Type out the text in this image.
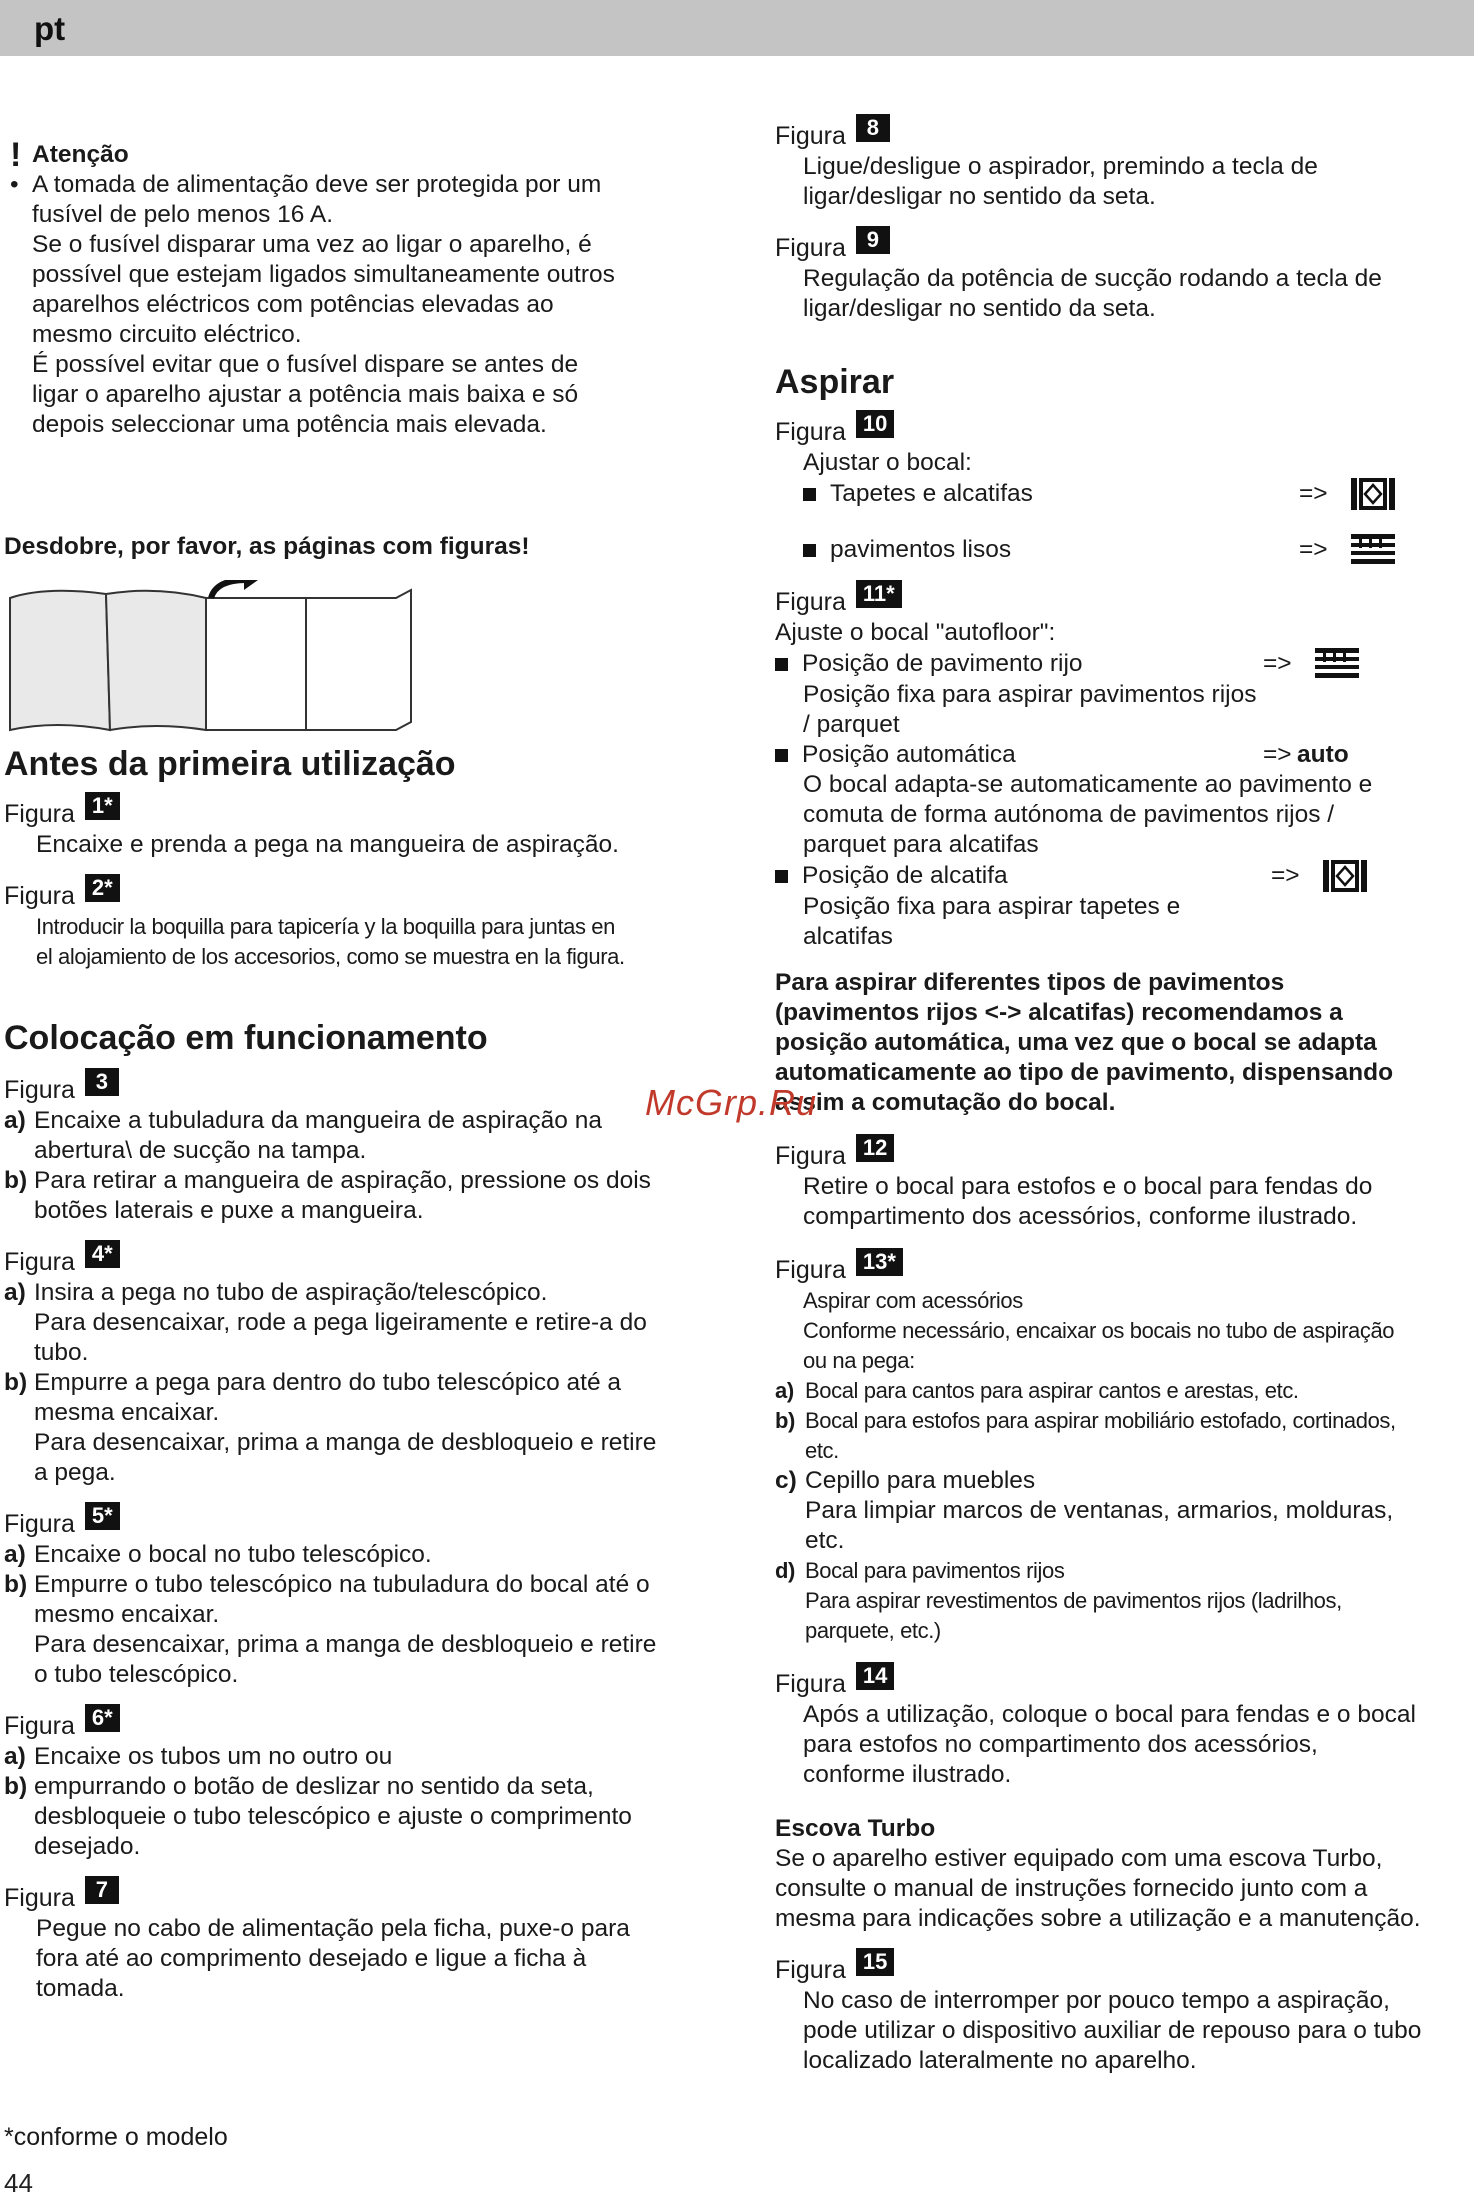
pt
! Atenção
• A tomada de alimentação deve ser protegida por um
fusível de pelo menos 16 A.
Se o fusível disparar uma vez ao ligar o aparelho, é
possível que estejam ligados simultaneamente outros
aparelhos eléctricos com potências elevadas ao
mesmo circuito eléctrico.
É possível evitar que o fusível dispare se antes de
ligar o aparelho ajustar a potência mais baixa e só
depois seleccionar uma potência mais elevada.
Desdobre, por favor, as páginas com figuras!
Antes da primeira utilização
Figura 1*
Encaixe e prenda a pega na mangueira de aspiração.
Figura 2*
Introducir la boquilla para tapicería y la boquilla para juntas en
el alojamiento de los accesorios, como se muestra en la figura.
Colocação em funcionamento
Figura 3
a) Encaixe a tubuladura da mangueira de aspiração na
abertura\ de sucção na tampa.
b) Para retirar a mangueira de aspiração, pressione os dois
botões laterais e puxe a mangueira.
Figura 4*
a) Insira a pega no tubo de aspiração/telescópico.
Para desencaixar, rode a pega ligeiramente e retire-a do
tubo.
b) Empurre a pega para dentro do tubo telescópico até a
mesma encaixar.
Para desencaixar, prima a manga de desbloqueio e retire
a pega.
Figura 5*
a) Encaixe o bocal no tubo telescópico.
b) Empurre o tubo telescópico na tubuladura do bocal até o
mesmo encaixar.
Para desencaixar, prima a manga de desbloqueio e retire
o tubo telescópico.
Figura 6*
a) Encaixe os tubos um no outro ou
b) empurrando o botão de deslizar no sentido da seta,
desbloqueie o tubo telescópico e ajuste o comprimento
desejado.
Figura 7
Pegue no cabo de alimentação pela ficha, puxe-o para
fora até ao comprimento desejado e ligue a ficha à
tomada.
*conforme o modelo
44
Figura 8
Ligue/desligue o aspirador, premindo a tecla de
ligar/desligar no sentido da seta.
Figura 9
Regulação da potência de sucção rodando a tecla de
ligar/desligar no sentido da seta.
Aspirar
Figura 10
Ajustar o bocal:
Tapetes e alcatifas	=>
pavimentos lisos	=>
Figura 11*
Ajuste o bocal "autofloor":
Posição de pavimento rijo	=>
Posição fixa para aspirar pavimentos rijos
/ parquet
Posição automática	=> auto
O bocal adapta-se automaticamente ao pavimento e
comuta de forma autónoma de pavimentos rijos /
parquet para alcatifas
Posição de alcatifa	=>
Posição fixa para aspirar tapetes e
alcatifas
Para aspirar diferentes tipos de pavimentos
(pavimentos rijos <-> alcatifas) recomendamos a
posição automática, uma vez que o bocal se adapta
automaticamente ao tipo de pavimento, dispensando
assim a comutação do bocal.
Figura 12
Retire o bocal para estofos e o bocal para fendas do
compartimento dos acessórios, conforme ilustrado.
Figura 13*
Aspirar com acessórios
Conforme necessário, encaixar os bocais no tubo de aspiração
ou na pega:
a) Bocal para cantos para aspirar cantos e arestas, etc.
b) Bocal para estofos para aspirar mobiliário estofado, cortinados,
etc.
c) Cepillo para muebles
Para limpiar marcos de ventanas, armarios, molduras,
etc.
d) Bocal para pavimentos rijos
Para aspirar revestimentos de pavimentos rijos (ladrilhos,
parquete, etc.)
Figura 14
Após a utilização, coloque o bocal para fendas e o bocal
para estofos no compartimento dos acessórios,
conforme ilustrado.
Escova Turbo
Se o aparelho estiver equipado com uma escova Turbo,
consulte o manual de instruções fornecido junto com a
mesma para indicações sobre a utilização e a manutenção.
Figura 15
No caso de interromper por pouco tempo a aspiração,
pode utilizar o dispositivo auxiliar de repouso para o tubo
localizado lateralmente no aparelho.
McGrp.Ru
